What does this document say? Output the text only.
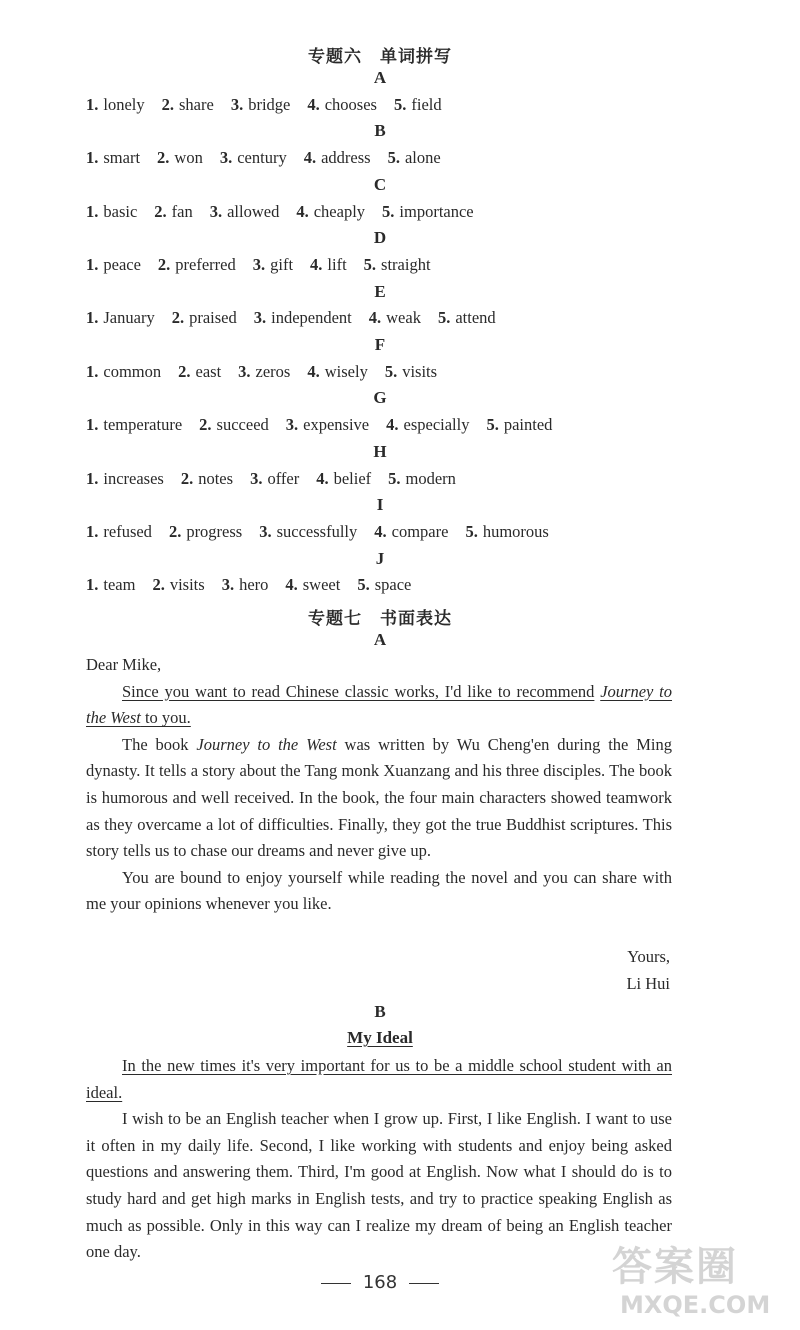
专题六　单词拼写
A
1. lonely 2. share 3. bridge 4. chooses 5. field
B
1. smart 2. won 3. century 4. address 5. alone
C
1. basic 2. fan 3. allowed 4. cheaply 5. importance
D
1. peace 2. preferred 3. gift 4. lift 5. straight
E
1. January 2. praised 3. independent 4. weak 5. attend
F
1. common 2. east 3. zeros 4. wisely 5. visits
G
1. temperature 2. succeed 3. expensive 4. especially 5. painted
H
1. increases 2. notes 3. offer 4. belief 5. modern
I
1. refused 2. progress 3. successfully 4. compare 5. humorous
J
1. team 2. visits 3. hero 4. sweet 5. space
专题七　书面表达
A

Dear Mike,

Since you want to read Chinese classic works, I'd like to recommend Journey to the West to you.

The book Journey to the West was written by Wu Cheng'en during the Ming dynasty. It tells a story about the Tang monk Xuanzang and his three disciples. The book is humorous and well received. In the book, the four main characters showed teamwork as they overcame a lot of difficulties. Finally, they got the true Buddhist scriptures. This story tells us to chase our dreams and never give up.

You are bound to enjoy yourself while reading the novel and you can share with me your opinions whenever you like.

Yours,
Li Hui
B
My Ideal

In the new times it's very important for us to be a middle school student with an ideal.

I wish to be an English teacher when I grow up. First, I like English. I want to use it often in my daily life. Second, I like working with students and enjoy being asked questions and answering them. Third, I'm good at English. Now what I should do is to study hard and get high marks in English tests, and try to practice speaking English as much as possible. Only in this way can I realize my dream of being an English teacher one day.

168	答案圈
MXQE.COM
